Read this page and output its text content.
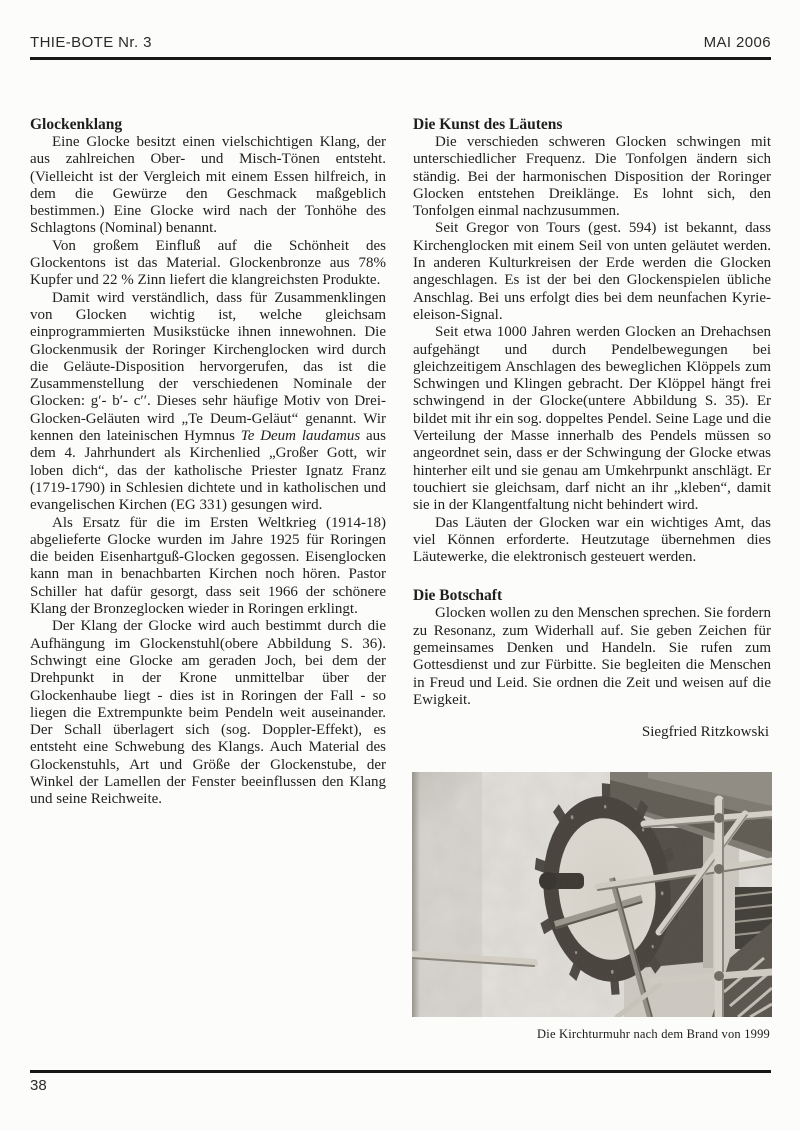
THIE-BOTE Nr. 3	MAI 2006
Glockenklang

Eine Glocke besitzt einen vielschichtigen Klang, der aus zahlreichen Ober- und Misch-Tönen entsteht. (Vielleicht ist der Vergleich mit einem Essen hilfreich, in dem die Gewürze den Geschmack maßgeblich bestimmen.) Eine Glocke wird nach der Tonhöhe des Schlagtons (Nominal) benannt.

Von großem Einfluß auf die Schönheit des Glockentons ist das Material. Glockenbronze aus 78% Kupfer und 22 % Zinn liefert die klangreichsten Produkte.

Damit wird verständlich, dass für Zusammenklingen von Glocken wichtig ist, welche gleichsam einprogrammierten Musikstücke ihnen innewohnen. Die Glockenmusik der Roringer Kirchenglocken wird durch die Geläute-Disposition hervorgerufen, das ist die Zusammenstellung der verschiedenen Nominale der Glocken: g′- b′- c′′. Dieses sehr häufige Motiv von Drei-Glocken-Geläuten wird „Te Deum-Geläut“ genannt. Wir kennen den lateinischen Hymnus Te Deum laudamus aus dem 4. Jahrhundert als Kirchenlied „Großer Gott, wir loben dich“, das der katholische Priester Ignatz Franz (1719-1790) in Schlesien dichtete und in katholischen und evangelischen Kirchen (EG 331) gesungen wird.

Als Ersatz für die im Ersten Weltkrieg (1914-18) abgelieferte Glocke wurden im Jahre 1925 für Roringen die beiden Eisenhartguß-Glocken gegossen. Eisenglocken kann man in benachbarten Kirchen noch hören. Pastor Schiller hat dafür gesorgt, dass seit 1966 der schönere Klang der Bronzeglocken wieder in Roringen erklingt.

Der Klang der Glocke wird auch bestimmt durch die Aufhängung im Glockenstuhl(obere Abbildung S. 36). Schwingt eine Glocke am geraden Joch, bei dem der Drehpunkt in der Krone unmittelbar über der Glockenhaube liegt - dies ist in Roringen der Fall - so liegen die Extrempunkte beim Pendeln weit auseinander. Der Schall überlagert sich (sog. Doppler-Effekt), es entsteht eine Schwebung des Klangs. Auch Material des Glockenstuhls, Art und Größe der Glockenstube, der Winkel der Lamellen der Fenster beeinflussen den Klang und seine Reichweite.

Die Kunst des Läutens

Die verschieden schweren Glocken schwingen mit unterschiedlicher Frequenz. Die Tonfolgen ändern sich ständig. Bei der harmonischen Disposition der Roringer Glocken entstehen Dreiklänge. Es lohnt sich, den Tonfolgen einmal nachzusummen.

Seit Gregor von Tours (gest. 594) ist bekannt, dass Kirchenglocken mit einem Seil von unten geläutet werden. In anderen Kulturkreisen der Erde werden die Glocken angeschlagen. Es ist der bei den Glockenspielen übliche Anschlag. Bei uns erfolgt dies bei dem neunfachen Kyrie-eleison-Signal.

Seit etwa 1000 Jahren werden Glocken an Drehachsen aufgehängt und durch Pendelbewegungen bei gleichzeitigem Anschlagen des beweglichen Klöppels zum Schwingen und Klingen gebracht. Der Klöppel hängt frei schwingend in der Glocke(untere Abbildung S. 35). Er bildet mit ihr ein sog. doppeltes Pendel. Seine Lage und die Verteilung der Masse innerhalb des Pendels müssen so angeordnet sein, dass er der Schwingung der Glocke etwas hinterher eilt und sie genau am Umkehrpunkt anschlägt. Er touchiert sie gleichsam, darf nicht an ihr „kleben“, damit sie in der Klangentfaltung nicht behindert wird.

Das Läuten der Glocken war ein wichtiges Amt, das viel Können erforderte. Heutzutage übernehmen dies Läutewerke, die elektronisch gesteuert werden.

Die Botschaft

Glocken wollen zu den Menschen sprechen. Sie fordern zu Resonanz, zum Widerhall auf. Sie geben Zeichen für gemeinsames Denken und Handeln. Sie rufen zum Gottesdienst und zur Fürbitte. Sie begleiten die Menschen in Freud und Leid. Sie ordnen die Zeit und weisen auf die Ewigkeit.

Siegfried Ritzkowski
Die Kirchturmuhr nach dem Brand von 1999
38
